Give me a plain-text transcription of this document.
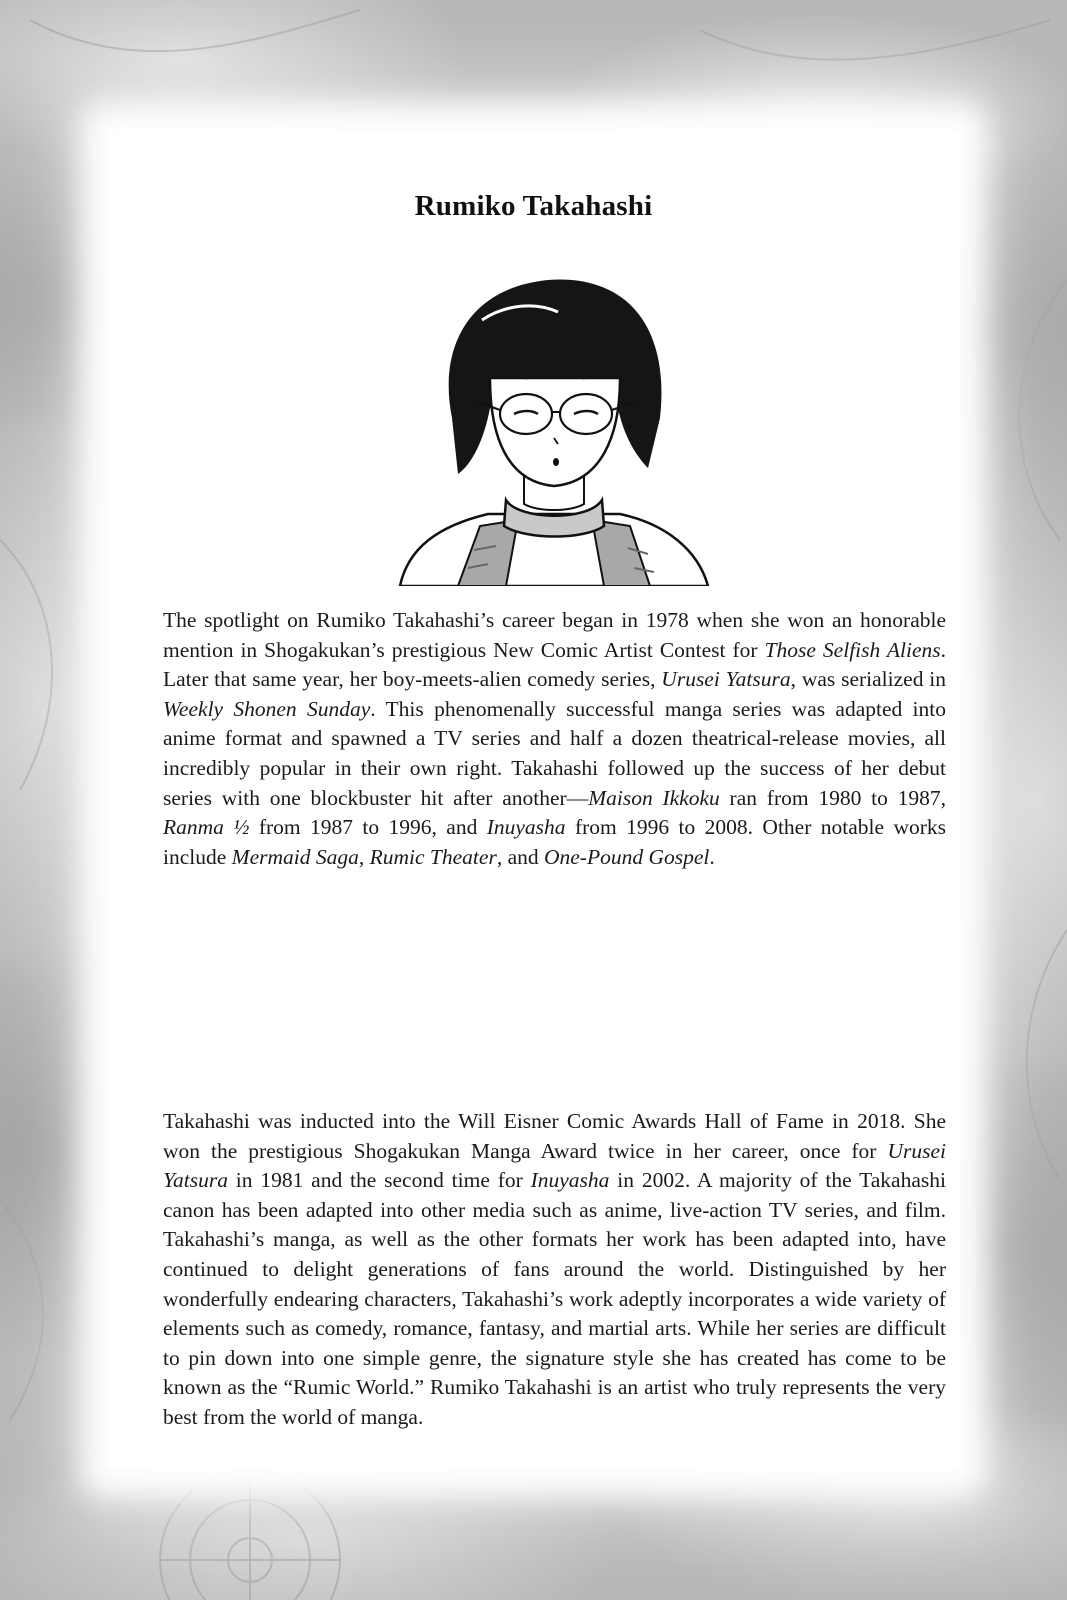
Rumiko Takahashi

The spotlight on Rumiko Takahashi’s career began in 1978 when she won an honorable mention in Shogakukan’s prestigious New Comic Artist Contest for Those Selfish Aliens. Later that same year, her boy-meets-alien comedy series, Urusei Yatsura, was serialized in Weekly Shonen Sunday. This phenomenally successful manga series was adapted into anime format and spawned a TV series and half a dozen theatrical-release movies, all incredibly popular in their own right. Takahashi followed up the success of her debut series with one blockbuster hit after another—Maison Ikkoku ran from 1980 to 1987, Ranma ½ from 1987 to 1996, and Inuyasha from 1996 to 2008. Other notable works include Mermaid Saga, Rumic Theater, and One-Pound Gospel.

Takahashi was inducted into the Will Eisner Comic Awards Hall of Fame in 2018. She won the prestigious Shogakukan Manga Award twice in her career, once for Urusei Yatsura in 1981 and the second time for Inuyasha in 2002. A majority of the Takahashi canon has been adapted into other media such as anime, live-action TV series, and film. Takahashi’s manga, as well as the other formats her work has been adapted into, have continued to delight generations of fans around the world. Distinguished by her wonderfully endearing characters, Takahashi’s work adeptly incorporates a wide variety of elements such as comedy, romance, fantasy, and martial arts. While her series are difficult to pin down into one simple genre, the signature style she has created has come to be known as the “Rumic World.” Rumiko Takahashi is an artist who truly represents the very best from the world of manga.
